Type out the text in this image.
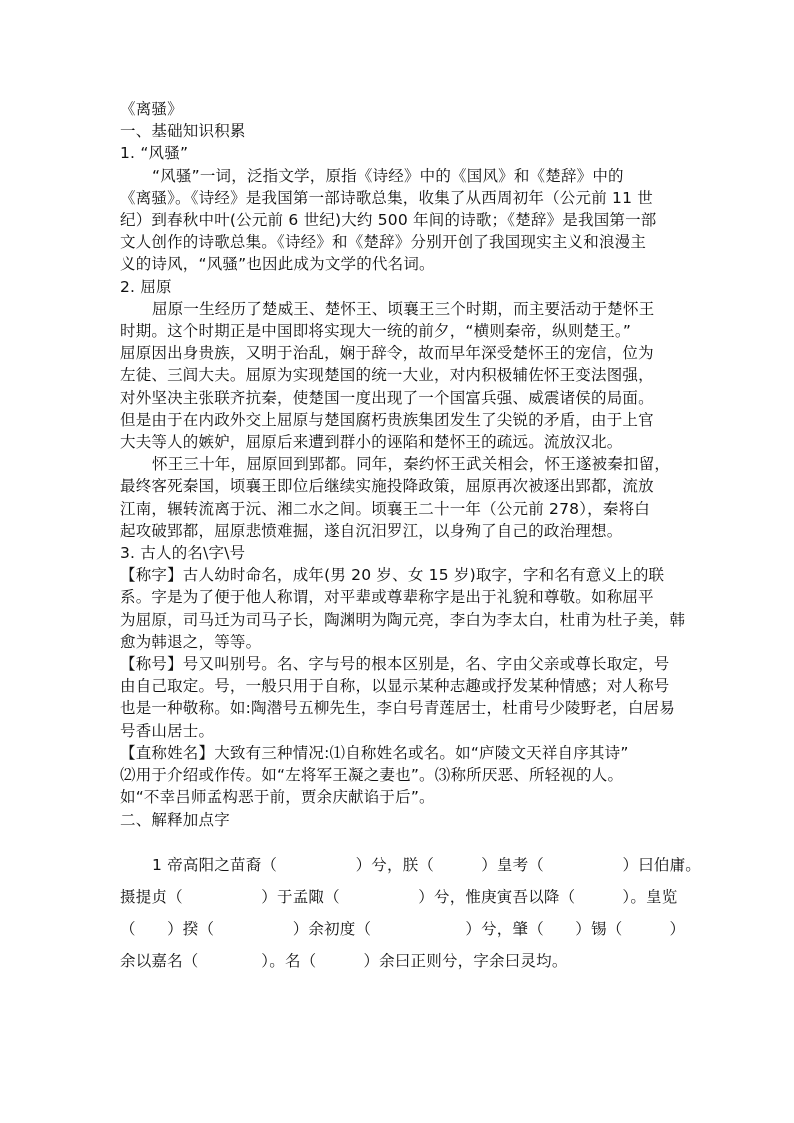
《离骚》
一、基础知识积累
1. “风骚”
“风骚”一词，泛指文学，原指《诗经》中的《国风》和《楚辞》中的
《离骚》。《诗经》是我国第一部诗歌总集，收集了从西周初年（公元前 11 世
纪）到春秋中叶(公元前 6 世纪)大约 500 年间的诗歌；《楚辞》是我国第一部
文人创作的诗歌总集。《诗经》和《楚辞》分别开创了我国现实主义和浪漫主
义的诗风，“风骚”也因此成为文学的代名词。
2. 屈原
屈原一生经历了楚威王、楚怀王、顷襄王三个时期，而主要活动于楚怀王
时期。这个时期正是中国即将实现大一统的前夕，“横则秦帝，纵则楚王。”
屈原因出身贵族，又明于治乱，娴于辞令，故而早年深受楚怀王的宠信，位为
左徒、三闾大夫。屈原为实现楚国的统一大业，对内积极辅佐怀王变法图强，
对外坚决主张联齐抗秦，使楚国一度出现了一个国富兵强、威震诸侯的局面。
但是由于在内政外交上屈原与楚国腐朽贵族集团发生了尖锐的矛盾，由于上官
大夫等人的嫉妒，屈原后来遭到群小的诬陷和楚怀王的疏远。流放汉北。
怀王三十年，屈原回到郢都。同年，秦约怀王武关相会，怀王遂被秦扣留，
最终客死秦国，顷襄王即位后继续实施投降政策，屈原再次被逐出郢都，流放
江南，辗转流离于沅、湘二水之间。顷襄王二十一年（公元前 278），秦将白
起攻破郢都，屈原悲愤难掘，遂自沉汨罗江，以身殉了自己的政治理想。
3. 古人的名\字\号
【称字】古人幼时命名，成年(男 20 岁、女 15 岁)取字，字和名有意义上的联
系。字是为了便于他人称谓，对平辈或尊辈称字是出于礼貌和尊敬。如称屈平
为屈原，司马迁为司马子长，陶渊明为陶元亮，李白为李太白，杜甫为杜子美，韩
愈为韩退之，等等。
【称号】号又叫别号。名、字与号的根本区别是，名、字由父亲或尊长取定，号
由自己取定。号，一般只用于自称，以显示某种志趣或抒发某种情感；对人称号
也是一种敬称。如:陶潜号五柳先生，李白号青莲居士，杜甫号少陵野老，白居易
号香山居士。
【直称姓名】大致有三种情况:⑴自称姓名或名。如“庐陵文天祥自序其诗”
⑵用于介绍或作传。如“左将军王凝之妻也”。⑶称所厌恶、所轻视的人。
如“不幸吕师孟构恶于前，贾余庆献谄于后”。
二、解释加点字
1 帝高阳之苗裔（　　　　　）兮，朕（　　　）皇考（　　　　　）曰伯庸。
摄提贞（　　　　　）于孟陬（　　　　　）兮，惟庚寅吾以降（　　　）。皇览
（　　）揆（　　　　　）余初度（　　　　　　）兮，肇（　　）锡（　　　）
余以嘉名（　　　　）。名（　　　）余曰正则兮，字余曰灵均。
